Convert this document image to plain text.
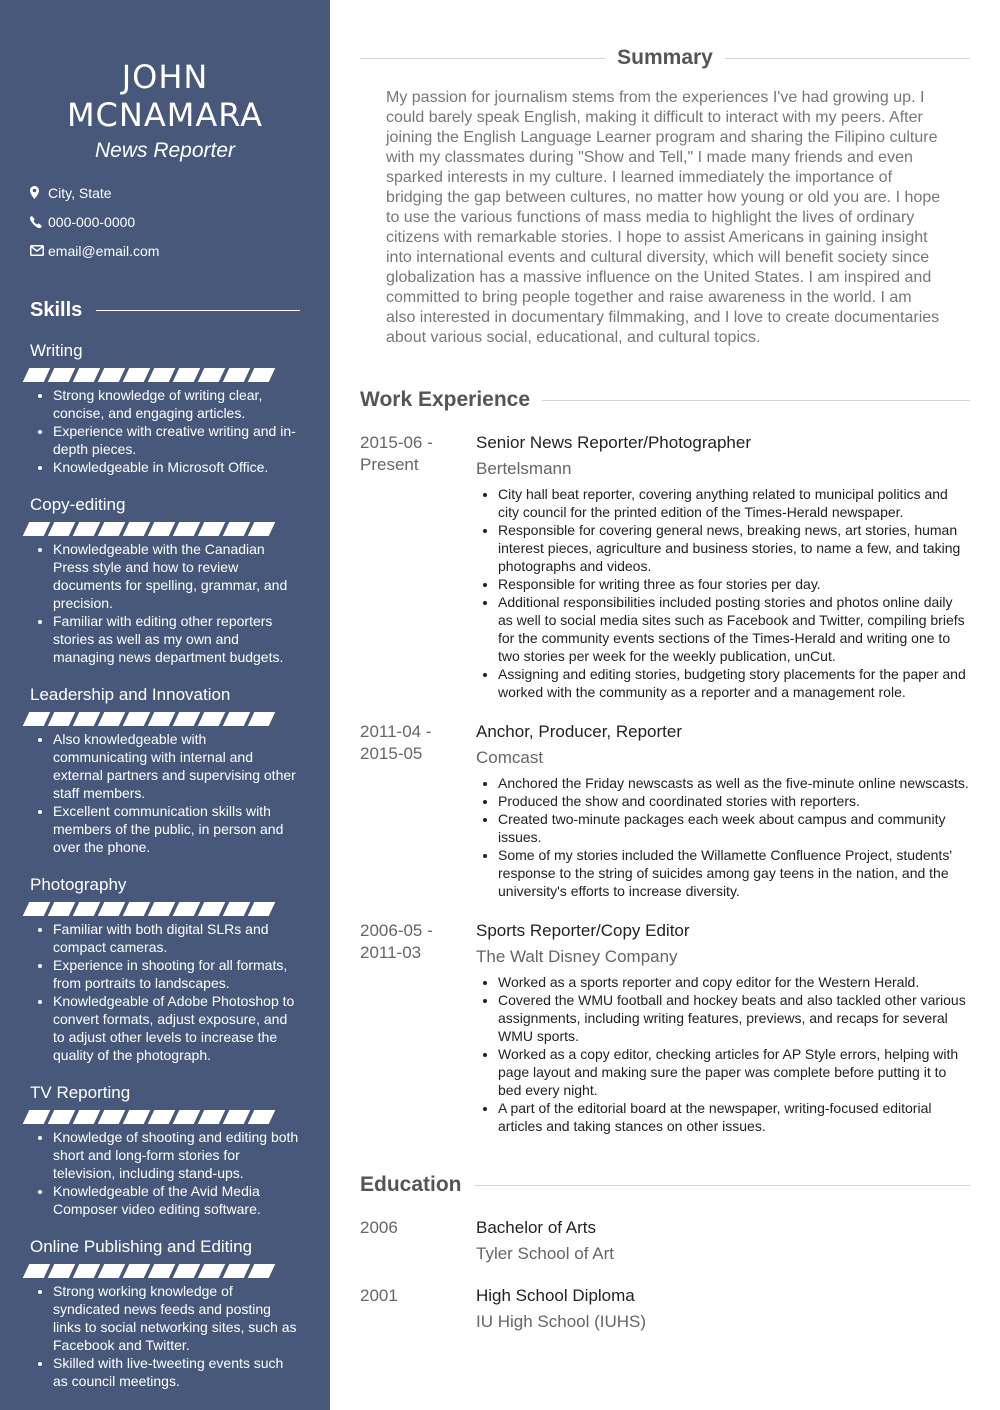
JOHN MCNAMARA
News Reporter
City, State
000-000-0000
email@email.com
Skills
Writing
• Strong knowledge of writing clear, concise, and engaging articles.
• Experience with creative writing and in-depth pieces.
• Knowledgeable in Microsoft Office.
Copy-editing
• Knowledgeable with the Canadian Press style and how to review documents for spelling, grammar, and precision.
• Familiar with editing other reporters stories as well as my own and managing news department budgets.
Leadership and Innovation
• Also knowledgeable with communicating with internal and external partners and supervising other staff members.
• Excellent communication skills with members of the public, in person and over the phone.
Photography
• Familiar with both digital SLRs and compact cameras.
• Experience in shooting for all formats, from portraits to landscapes.
• Knowledgeable of Adobe Photoshop to convert formats, adjust exposure, and to adjust other levels to increase the quality of the photograph.
TV Reporting
• Knowledge of shooting and editing both short and long-form stories for television, including stand-ups.
• Knowledgeable of the Avid Media Composer video editing software.
Online Publishing and Editing
• Strong working knowledge of syndicated news feeds and posting links to social networking sites, such as Facebook and Twitter.
• Skilled with live-tweeting events such as council meetings.
Summary
My passion for journalism stems from the experiences I've had growing up. I could barely speak English, making it difficult to interact with my peers. After joining the English Language Learner program and sharing the Filipino culture with my classmates during "Show and Tell," I made many friends and even sparked interests in my culture. I learned immediately the importance of bridging the gap between cultures, no matter how young or old you are. I hope to use the various functions of mass media to highlight the lives of ordinary citizens with remarkable stories. I hope to assist Americans in gaining insight into international events and cultural diversity, which will benefit society since globalization has a massive influence on the United States. I am inspired and committed to bring people together and raise awareness in the world. I am also interested in documentary filmmaking, and I love to create documentaries about various social, educational, and cultural topics.
Work Experience
2015-06 - Present
Senior News Reporter/Photographer
Bertelsmann
• City hall beat reporter, covering anything related to municipal politics and city council for the printed edition of the Times-Herald newspaper.
• Responsible for covering general news, breaking news, art stories, human interest pieces, agriculture and business stories, to name a few, and taking photographs and videos.
• Responsible for writing three as four stories per day.
• Additional responsibilities included posting stories and photos online daily as well to social media sites such as Facebook and Twitter, compiling briefs for the community events sections of the Times-Herald and writing one to two stories per week for the weekly publication, unCut.
• Assigning and editing stories, budgeting story placements for the paper and worked with the community as a reporter and a management role.
2011-04 - 2015-05
Anchor, Producer, Reporter
Comcast
• Anchored the Friday newscasts as well as the five-minute online newscasts.
• Produced the show and coordinated stories with reporters.
• Created two-minute packages each week about campus and community issues.
• Some of my stories included the Willamette Confluence Project, students' response to the string of suicides among gay teens in the nation, and the university's efforts to increase diversity.
2006-05 - 2011-03
Sports Reporter/Copy Editor
The Walt Disney Company
• Worked as a sports reporter and copy editor for the Western Herald.
• Covered the WMU football and hockey beats and also tackled other various assignments, including writing features, previews, and recaps for several WMU sports.
• Worked as a copy editor, checking articles for AP Style errors, helping with page layout and making sure the paper was complete before putting it to bed every night.
• A part of the editorial board at the newspaper, writing-focused editorial articles and taking stances on other issues.
Education
2006	Bachelor of Arts
Tyler School of Art
2001	High School Diploma
IU High School (IUHS)
